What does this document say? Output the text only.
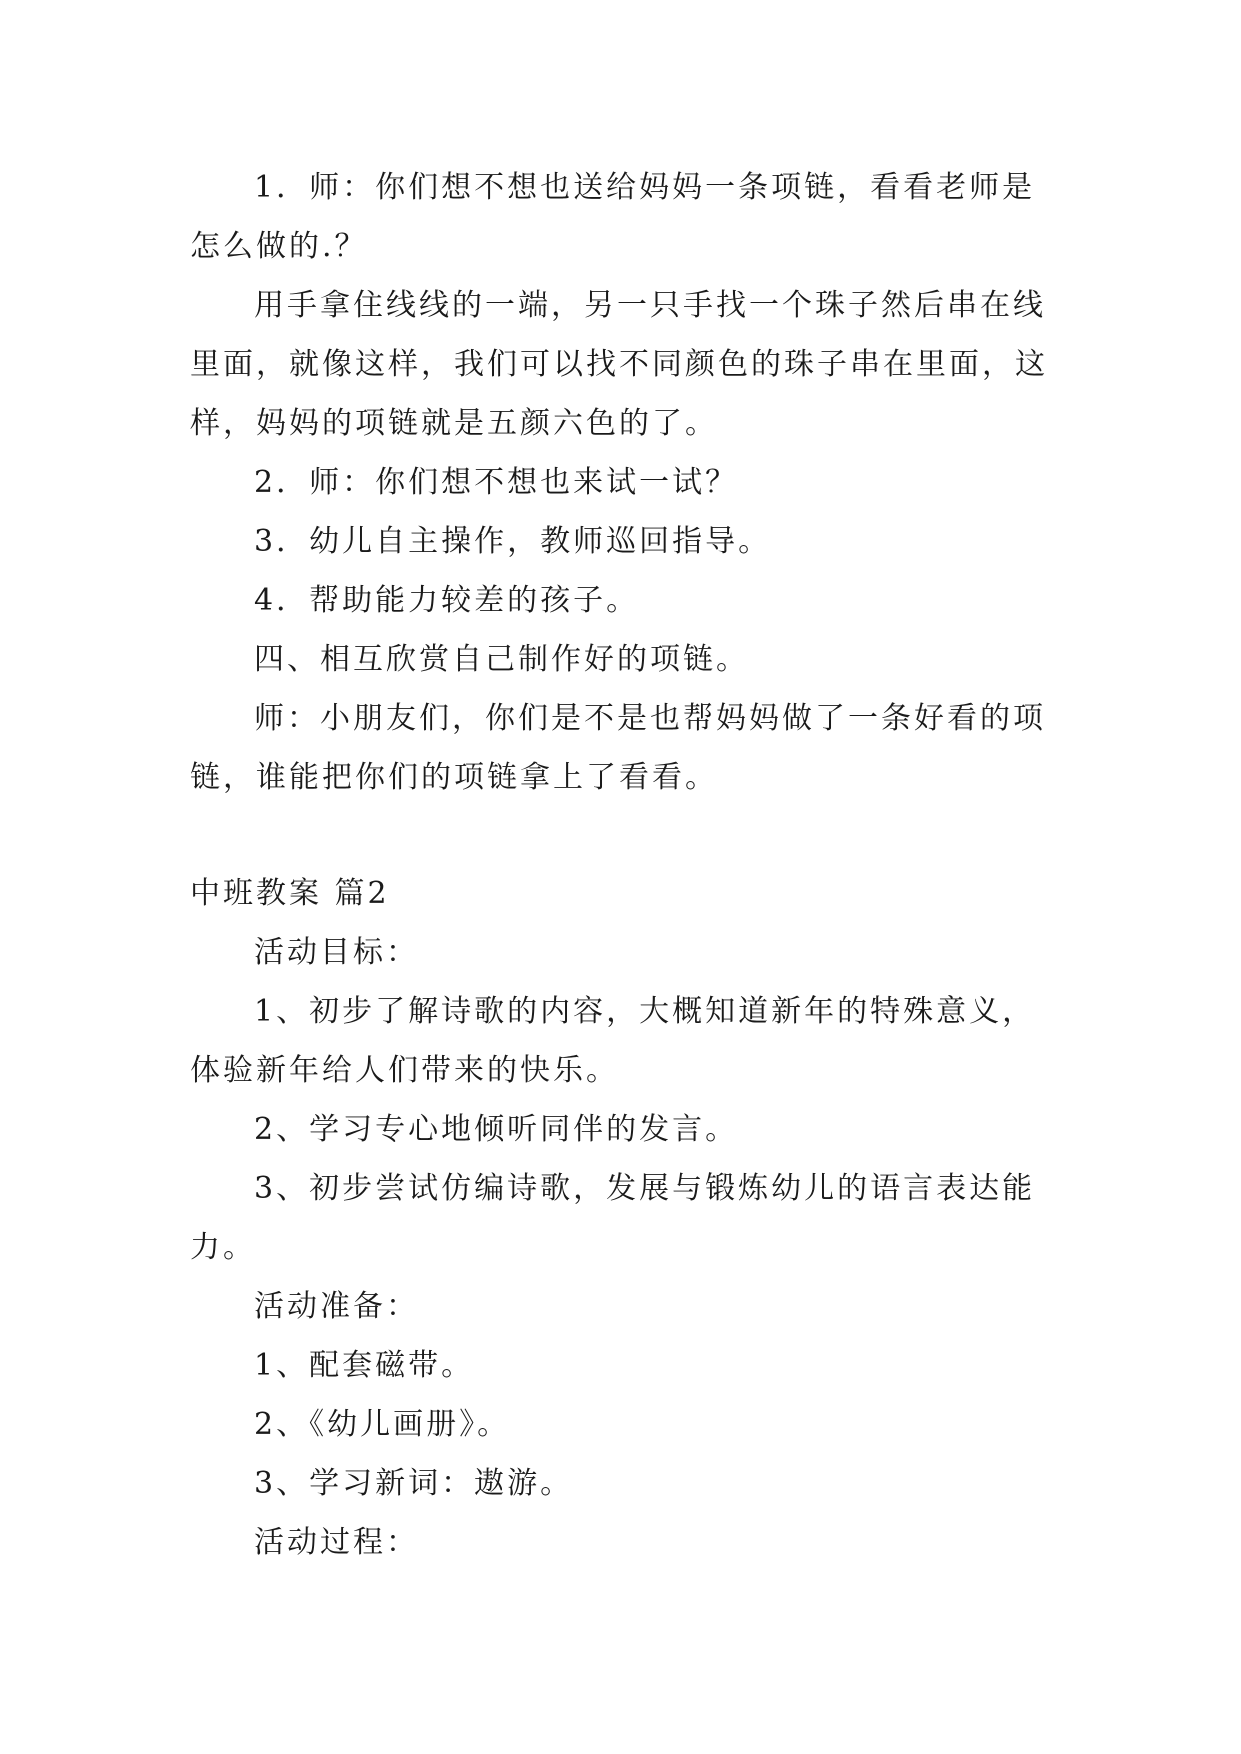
1．师：你们想不想也送给妈妈一条项链，看看老师是怎么做的.？

用手拿住线线的一端，另一只手找一个珠子然后串在线里面，就像这样，我们可以找不同颜色的珠子串在里面，这样，妈妈的项链就是五颜六色的了。

2．师：你们想不想也来试一试？

3．幼儿自主操作，教师巡回指导。

4．帮助能力较差的孩子。

四、相互欣赏自己制作好的项链。

师：小朋友们，你们是不是也帮妈妈做了一条好看的项链，谁能把你们的项链拿上了看看。

中班教案 篇2

活动目标：

1、初步了解诗歌的内容，大概知道新年的特殊意义，体验新年给人们带来的快乐。

2、学习专心地倾听同伴的发言。

3、初步尝试仿编诗歌，发展与锻炼幼儿的语言表达能力。

活动准备：

1、配套磁带。

2、《幼儿画册》。

3、学习新词：遨游。

活动过程：
